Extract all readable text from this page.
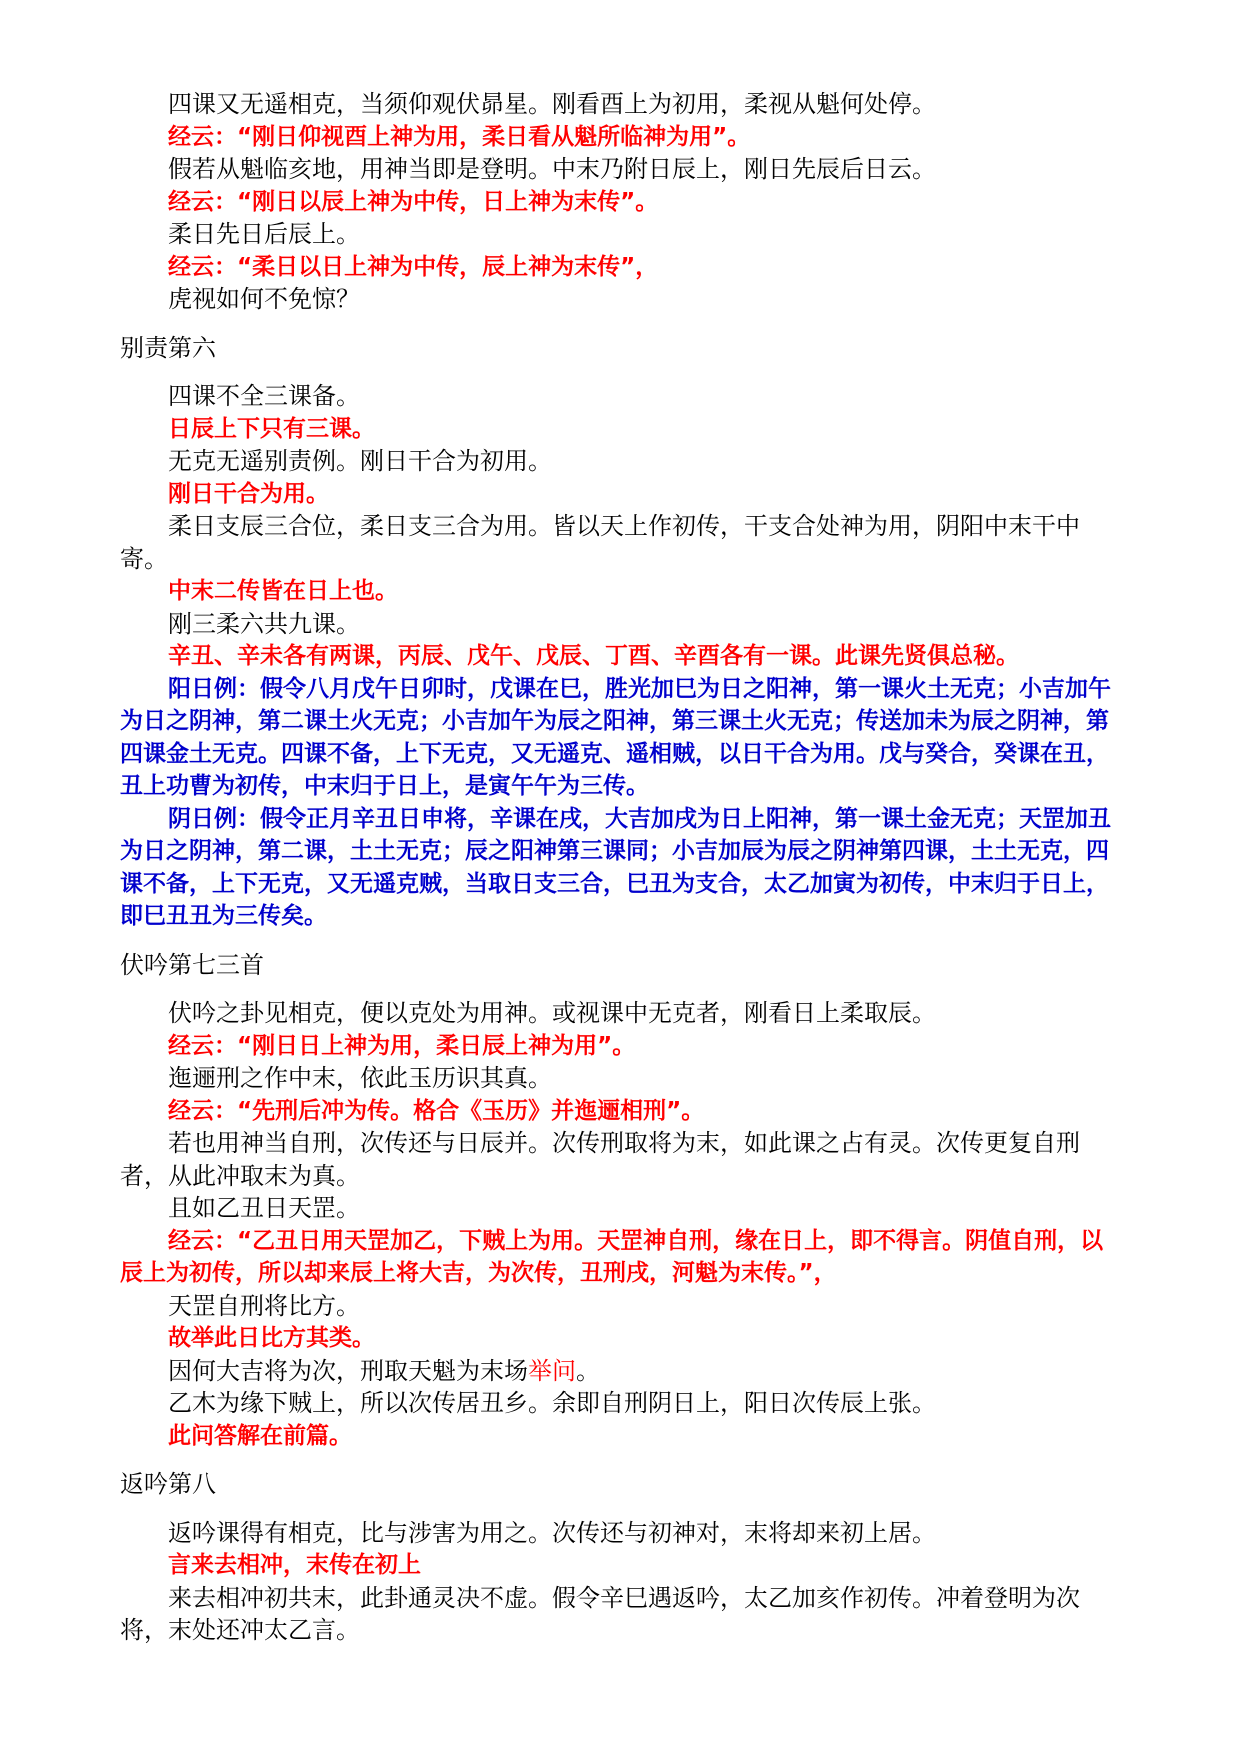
四课又无遥相克，当须仰观伏昴星。刚看酉上为初用，柔视从魁何处停。

经云：“刚日仰视酉上神为用，柔日看从魁所临神为用”。

假若从魁临亥地，用神当即是登明。中末乃附日辰上，刚日先辰后日云。

经云：“刚日以辰上神为中传，日上神为末传”。

柔日先日后辰上。

经云：“柔日以日上神为中传，辰上神为末传”，

虎视如何不免惊？

别责第六

四课不全三课备。

日辰上下只有三课。

无克无遥别责例。刚日干合为初用。

刚日干合为用。

柔日支辰三合位，柔日支三合为用。皆以天上作初传，干支合处神为用，阴阳中末干中寄。

中末二传皆在日上也。

刚三柔六共九课。

辛丑、辛未各有两课，丙辰、戊午、戊辰、丁酉、辛酉各有一课。此课先贤俱总秘。

阳日例：假令八月戊午日卯时，戊课在巳，胜光加巳为日之阳神，第一课火土无克；小吉加午为日之阴神，第二课土火无克；小吉加午为辰之阳神，第三课土火无克；传送加未为辰之阴神，第四课金土无克。四课不备，上下无克，又无遥克、遥相贼，以日干合为用。戊与癸合，癸课在丑，丑上功曹为初传，中末归于日上，是寅午午为三传。

阴日例：假令正月辛丑日申将，辛课在戌，大吉加戌为日上阳神，第一课土金无克；天罡加丑为日之阴神，第二课，土土无克；辰之阳神第三课同；小吉加辰为辰之阴神第四课，土土无克，四课不备，上下无克，又无遥克贼，当取日支三合，巳丑为支合，太乙加寅为初传，中末归于日上，即巳丑丑为三传矣。

伏吟第七三首

伏吟之卦见相克，便以克处为用神。或视课中无克者，刚看日上柔取辰。

经云：“刚日日上神为用，柔日辰上神为用”。

迤逦刑之作中末，依此玉历识其真。

经云：“先刑后冲为传。格合《玉历》并迤逦相刑”。

若也用神当自刑，次传还与日辰并。次传刑取将为末，如此课之占有灵。次传更复自刑者，从此冲取末为真。

且如乙丑日天罡。

经云：“乙丑日用天罡加乙，下贼上为用。天罡神自刑，缘在日上，即不得言。阴值自刑，以辰上为初传，所以却来辰上将大吉，为次传，丑刑戌，河魁为末传。”，

天罡自刑将比方。

故举此日比方其类。

因何大吉将为次，刑取天魁为末场举问。

乙木为缘下贼上，所以次传居丑乡。余即自刑阴日上，阳日次传辰上张。

此问答解在前篇。

返吟第八

返吟课得有相克，比与涉害为用之。次传还与初神对，末将却来初上居。

言来去相冲，末传在初上

来去相冲初共末，此卦通灵决不虚。假令辛巳遇返吟，太乙加亥作初传。冲着登明为次将，末处还冲太乙言。
